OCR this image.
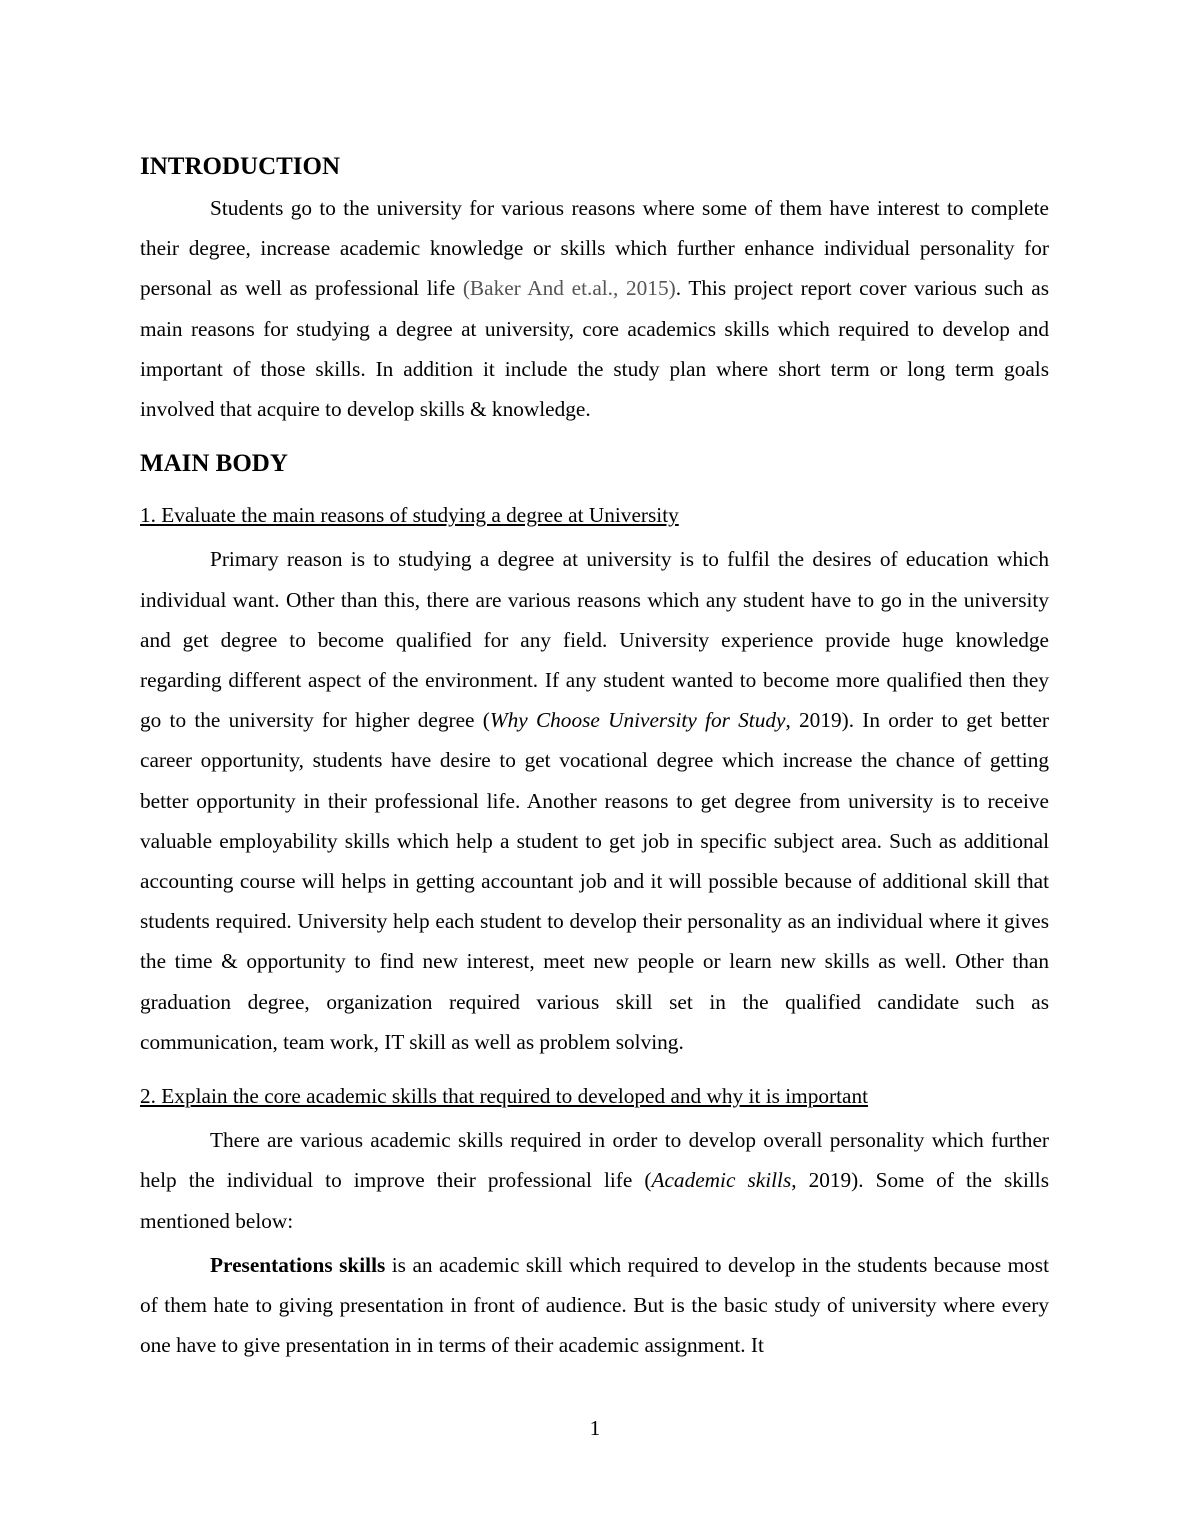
INTRODUCTION

Students go to the university for various reasons where some of them have interest to complete their degree, increase academic knowledge or skills which further enhance individual personality for personal as well as professional life (Baker And et.al., 2015). This project report cover various such as main reasons for studying a degree at university, core academics skills which required to develop and important of those skills. In addition it include the study plan where short term or long term goals involved that acquire to develop skills & knowledge.

MAIN BODY
1. Evaluate the main reasons of studying a degree at University

Primary reason is to studying a degree at university is to fulfil the desires of education which individual want. Other than this, there are various reasons which any student have to go in the university and get degree to become qualified for any field. University experience provide huge knowledge regarding different aspect of the environment. If any student wanted to become more qualified then they go to the university for higher degree (Why Choose University for Study, 2019). In order to get better career opportunity, students have desire to get vocational degree which increase the chance of getting better opportunity in their professional life. Another reasons to get degree from university is to receive valuable employability skills which help a student to get job in specific subject area. Such as additional accounting course will helps in getting accountant job and it will possible because of additional skill that students required. University help each student to develop their personality as an individual where it gives the time & opportunity to find new interest, meet new people or learn new skills as well. Other than graduation degree, organization required various skill set in the qualified candidate such as communication, team work, IT skill as well as problem solving.

2. Explain the core academic skills that required to developed and why it is important

There are various academic skills required in order to develop overall personality which further help the individual to improve their professional life (Academic skills, 2019). Some of the skills mentioned below:

Presentations skills is an academic skill which required to develop in the students because most of them hate to giving presentation in front of audience. But is the basic study of university where every one have to give presentation in in terms of their academic assignment. It

1
